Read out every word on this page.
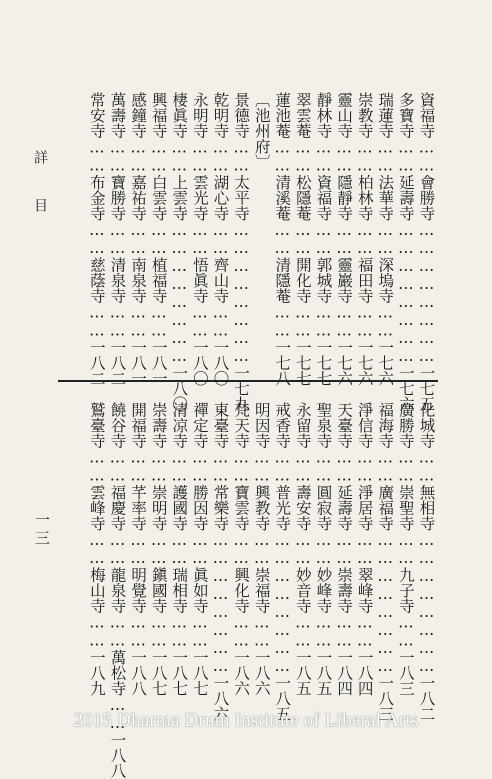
詳目
一三
資福寺……會勝寺……………………一七五
多寶寺……延壽寺……………………一七六
瑞蓮寺……法華寺……深塢寺……一七六
崇教寺……柏林寺……福田寺……一七六
靈山寺……隱靜寺……靈巖寺……一七六
靜林寺……資福寺……郭城寺……一七七
翠雲菴……松隱菴……開化寺……一七七
蓮池菴……清溪菴……清隱菴……一七八
〔池州府〕
景德寺……太平寺……………………一七九
乾明寺……湖心寺……齊山寺……一八〇
永明寺……雲光寺……悟眞寺……一八〇
棲眞寺……上雲寺……………………一八〇
興福寺……白雲寺……植福寺……一八一
感鐘寺……嘉祐寺……南泉寺……一八一
萬壽寺……寶勝寺……清泉寺……一八二
常安寺……布金寺……慈蔭寺……一八二
化城寺……無相寺……………………一八二
廣勝寺……崇聖寺……九子寺……一八三
福海寺……廣福寺……………………一八三
淨信寺……淨居寺……翠峰寺……一八四
天臺寺……延壽寺……崇壽寺……一八四
聖泉寺……圓寂寺……妙峰寺……一八五
永留寺……壽安寺……妙音寺……一八五
戒香寺……普光寺……………………一八五
明因寺……興教寺……崇福寺……一八六
梵天寺……寶雲寺……興化寺……一八六
東臺寺……常樂寺……………………一八六
禪定寺……勝因寺……眞如寺……一八七
清凉寺……護國寺……瑞相寺……一八七
崇壽寺……崇明寺……鎭國寺……一八七
開福寺……芊率寺……明覺寺……一八八
饒谷寺……福慶寺……龍泉寺……萬松寺……一八八
鷲臺寺……雲峰寺……梅山寺……一八九
2015 Dharma Drum Institute of Liberal Arts
